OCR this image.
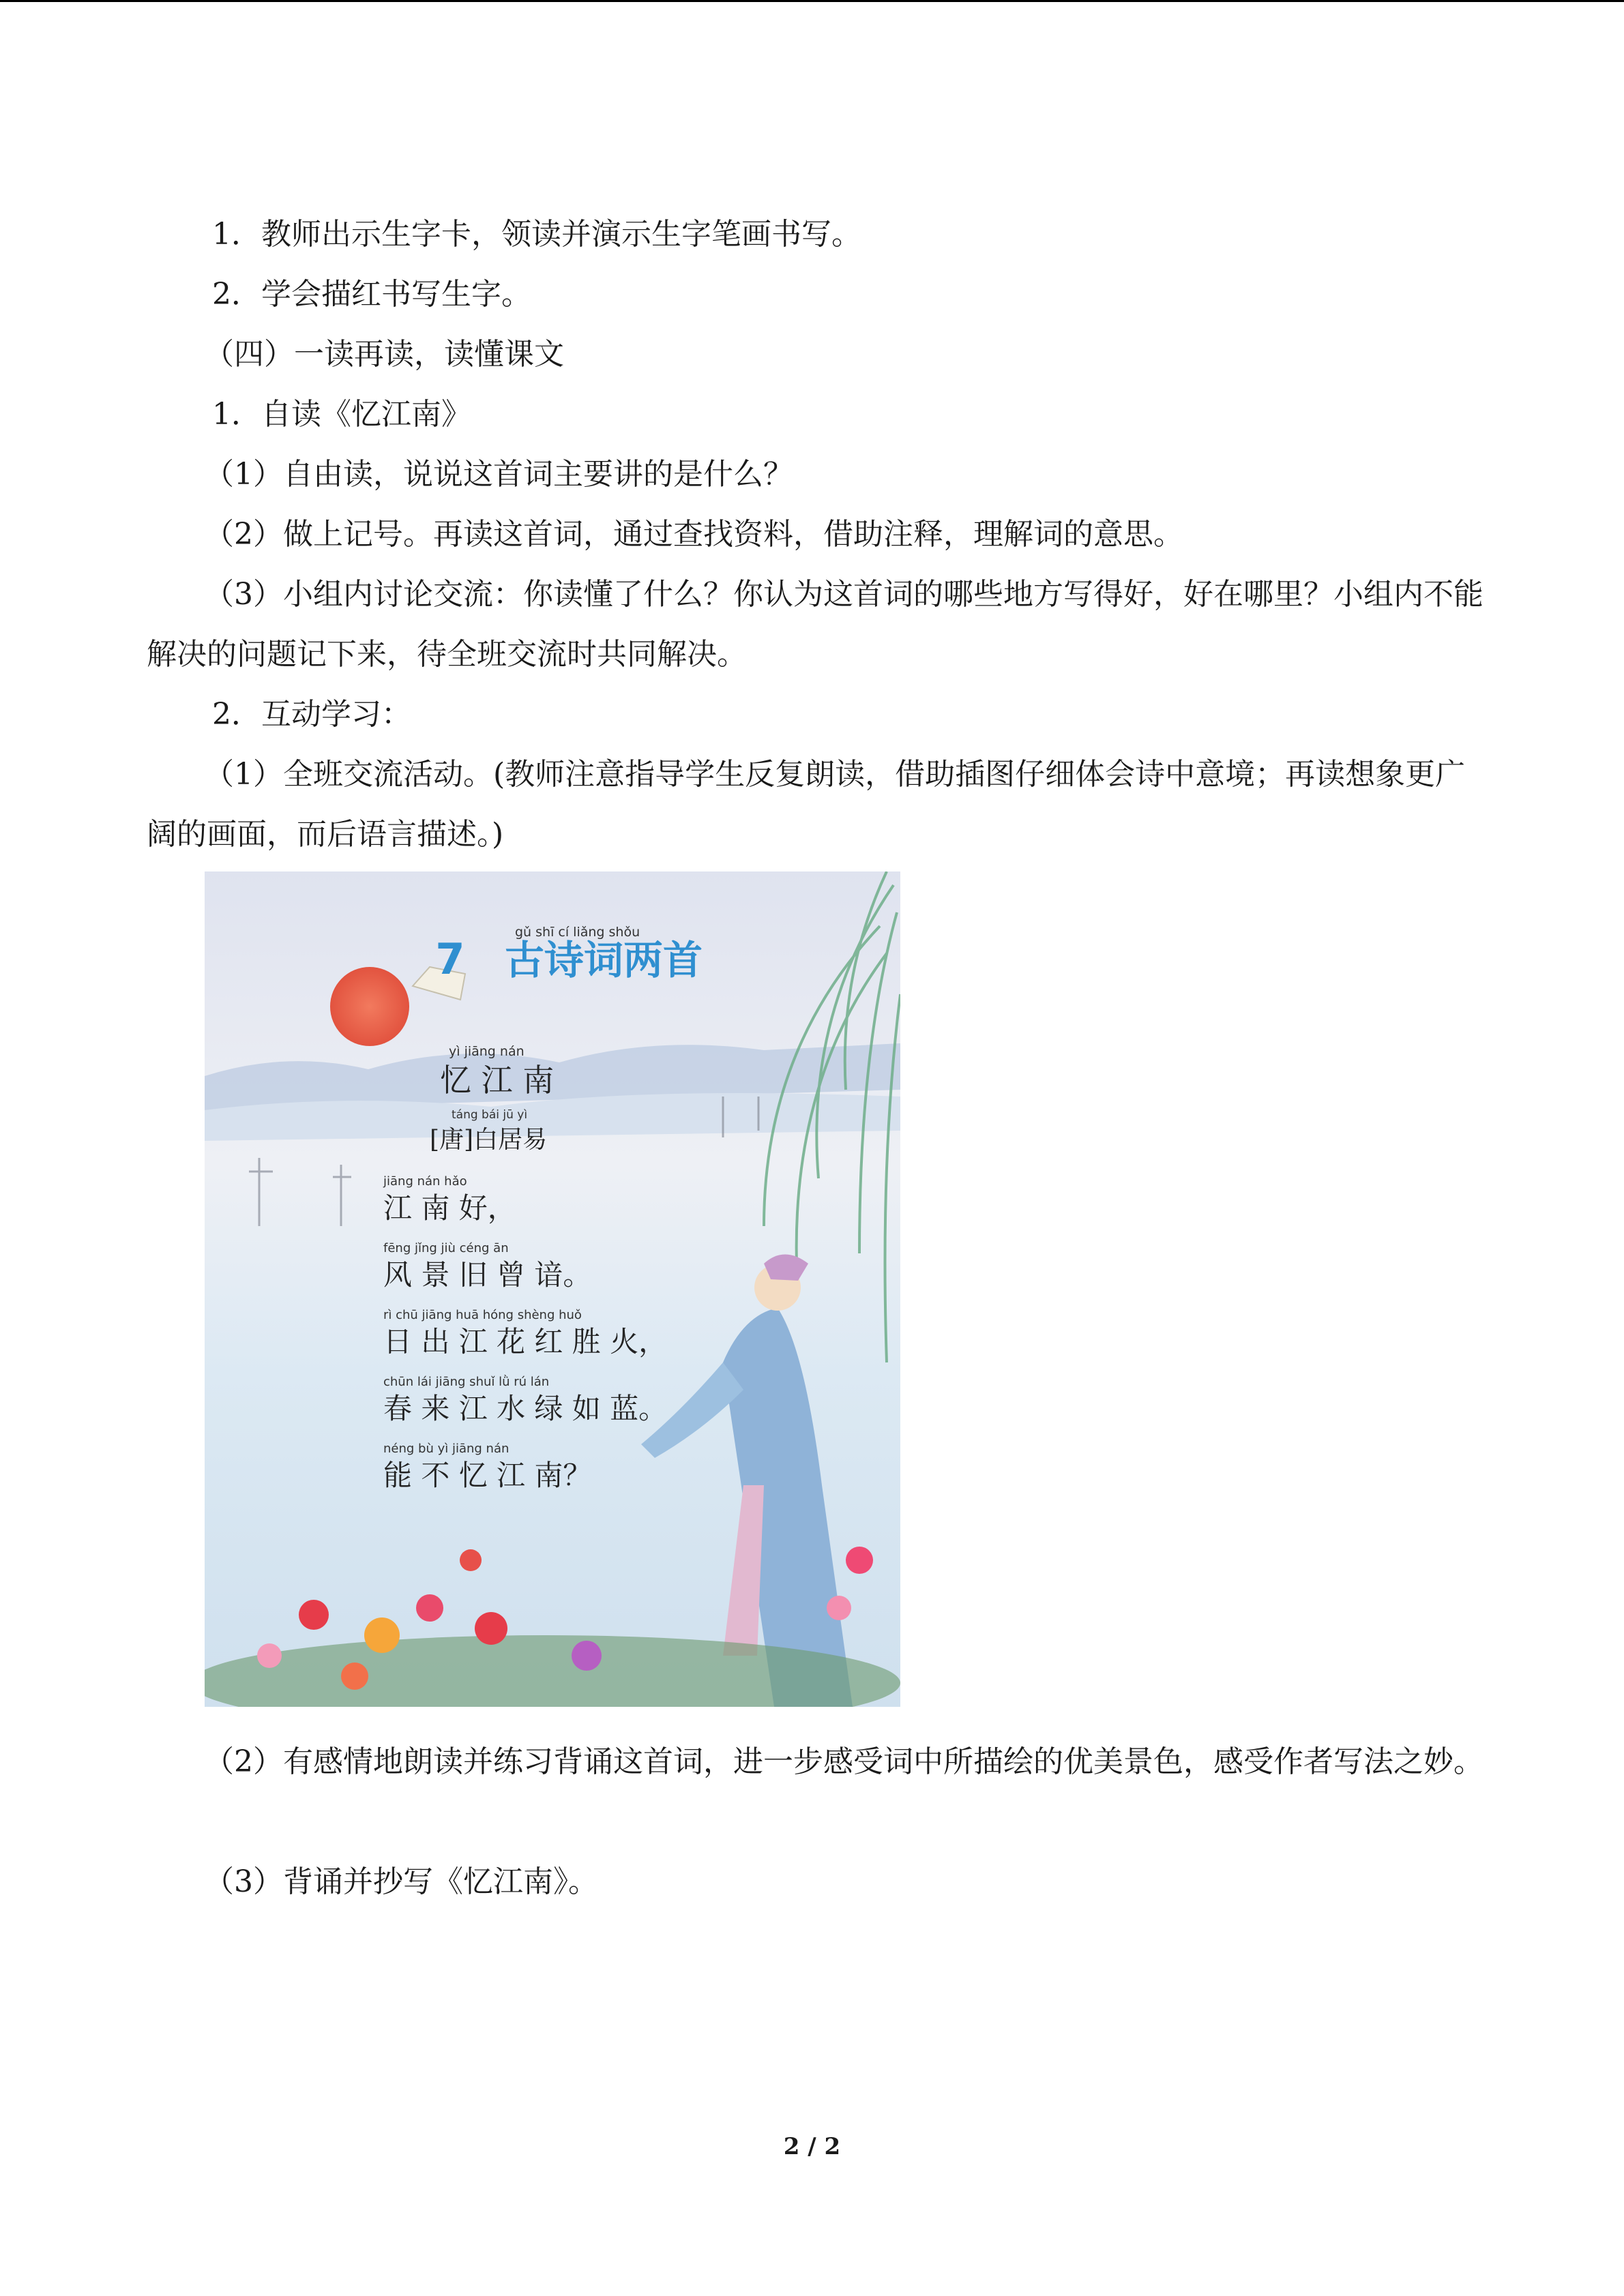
1．教师出示生字卡，领读并演示生字笔画书写。

2．学会描红书写生字。

（四）一读再读，读懂课文

1．自读《忆江南》

（1）自由读，说说这首词主要讲的是什么？

（2）做上记号。再读这首词，通过查找资料，借助注释，理解词的意思。

（3）小组内讨论交流：你读懂了什么？你认为这首词的哪些地方写得好，好在哪里？小组内不能解决的问题记下来，待全班交流时共同解决。

2．互动学习：

（1）全班交流活动。(教师注意指导学生反复朗读，借助插图仔细体会诗中意境；再读想象更广阔的画面，而后语言描述。)

7
gǔ shī cí liǎng shǒu
古诗词两首
yì jiāng nán
忆 江 南
táng bái jū yì
[唐]白居易
jiāng nán hǎo
江 南 好，
fēng jǐng jiù céng ān
风 景 旧 曾 谙。
rì chū jiāng huā hóng shèng huǒ
日 出 江 花 红 胜 火，
chūn lái jiāng shuǐ lǜ rú lán
春 来 江 水 绿 如 蓝。
néng bù yì jiāng nán
能 不 忆 江 南？

（2）有感情地朗读并练习背诵这首词，进一步感受词中所描绘的优美景色，感受作者写法之妙。

（3）背诵并抄写《忆江南》。

2 / 2
